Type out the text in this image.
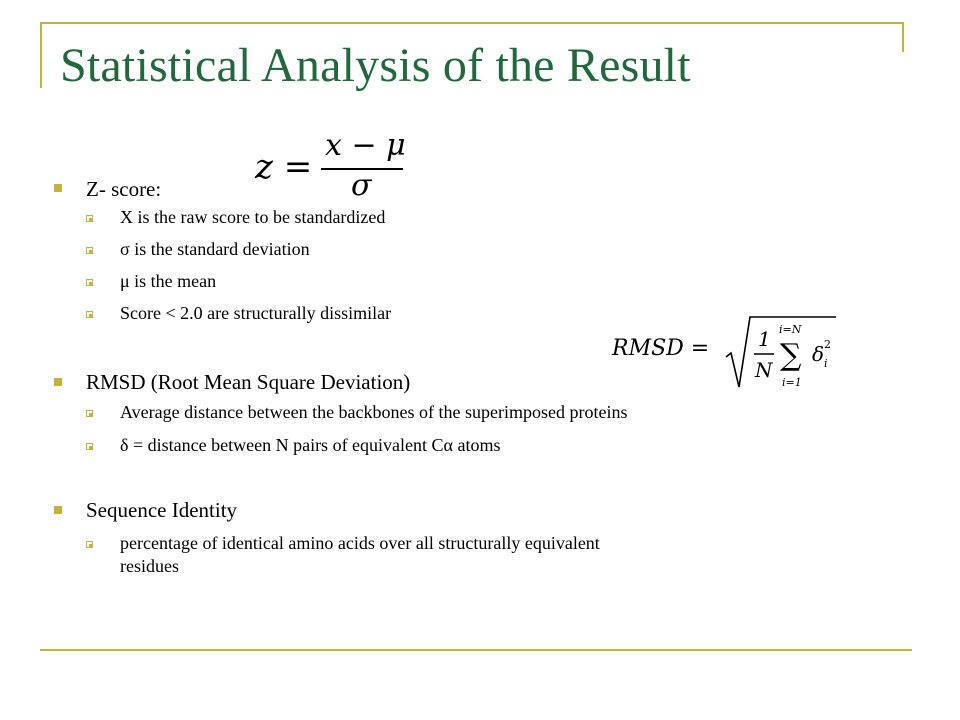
Statistical Analysis of the Result
z =
x − μ
σ
RMSD = 1
N
i=N
∑
i=1
δ 2
i
Z- score:
X is the raw score to be standardized
σ is the standard deviation
μ is the mean
Score < 2.0 are structurally dissimilar
RMSD (Root Mean Square Deviation)
Average distance between the backbones of the superimposed proteins
δ = distance between N pairs of equivalent Cα atoms
Sequence Identity
percentage of identical amino acids over all structurally equivalent
residues
